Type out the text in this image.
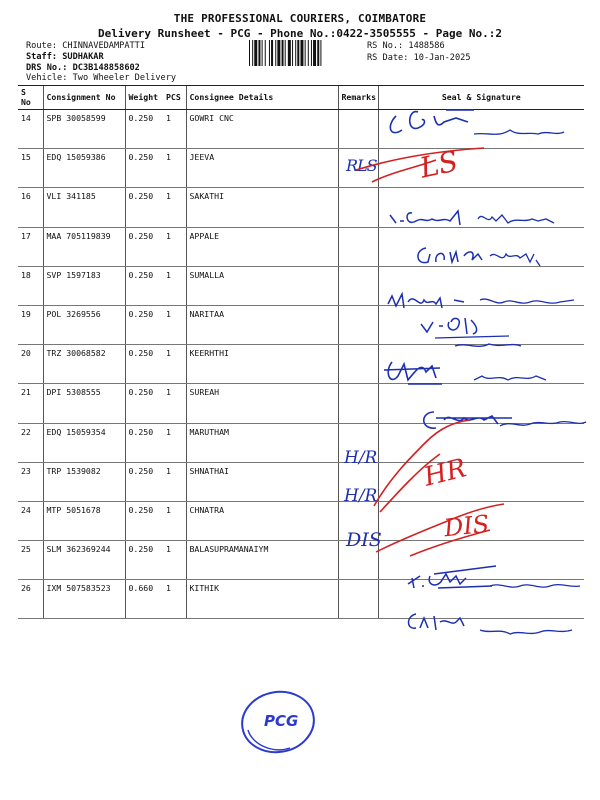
THE PROFESSIONAL COURIERS, COIMBATORE
Delivery Runsheet - PCG - Phone No.:0422-3505555 - Page No.:2
Route: CHINNAVEDAMPATTI
Staff: SUDHAKAR
DRS No.: DC3B148858602
Vehicle: Two Wheeler Delivery
RS No.: 1488586
RS Date: 10-Jan-2025
S No	Consignment No	Weight	PCS	Consignee Details	Remarks	Seal & Signature
14	SPB 30058599	0.250	1	GOWRI CNC		
15	EDQ 15059386	0.250	1	JEEVA		
16	VLI 341185	0.250	1	SAKATHI		
17	MAA 705119839	0.250	1	APPALE		
18	SVP 1597183	0.250	1	SUMALLA		
19	POL 3269556	0.250	1	NARITAA		
20	TRZ 30068582	0.250	1	KEERHTHI		
21	DPI 5308555	0.250	1	SUREAH		
22	EDQ 15059354	0.250	1	MARUTHAM		
23	TRP 1539082	0.250	1	SHNATHAI		
24	MTP 5051678	0.250	1	CHNATRA		
25	SLM 362369244	0.250	1	BALASUPRAMANAIYM		
26	IXM 507583523	0.660	1	KITHIK		
RLS
H/R
H/R
DIS
LS
HR
DIS
PCG
